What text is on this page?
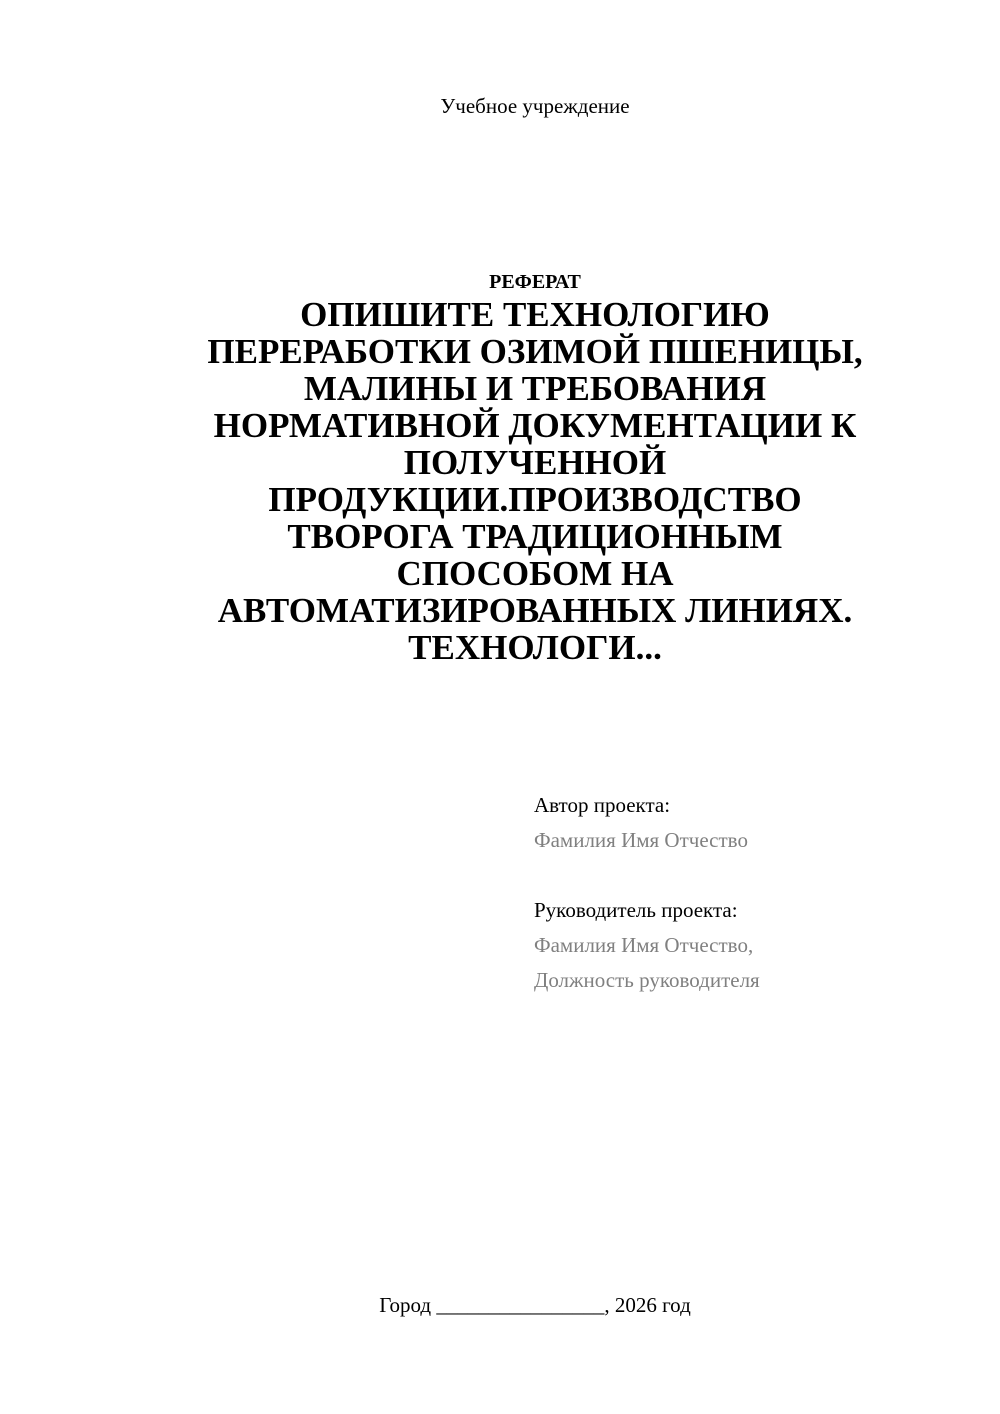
Учебное учреждение
РЕФЕРАТ
ОПИШИТЕ ТЕХНОЛОГИЮ
ПЕРЕРАБОТКИ ОЗИМОЙ ПШЕНИЦЫ,
МАЛИНЫ И ТРЕБОВАНИЯ
НОРМАТИВНОЙ ДОКУМЕНТАЦИИ К
ПОЛУЧЕННОЙ
ПРОДУКЦИИ.ПРОИЗВОДСТВО
ТВОРОГА ТРАДИЦИОННЫМ
СПОСОБОМ НА
АВТОМАТИЗИРОВАННЫХ ЛИНИЯХ.
ТЕХНОЛОГИ...
Автор проекта:
Фамилия Имя Отчество
Руководитель проекта:
Фамилия Имя Отчество,
Должность руководителя
Город ________________, 2026 год
